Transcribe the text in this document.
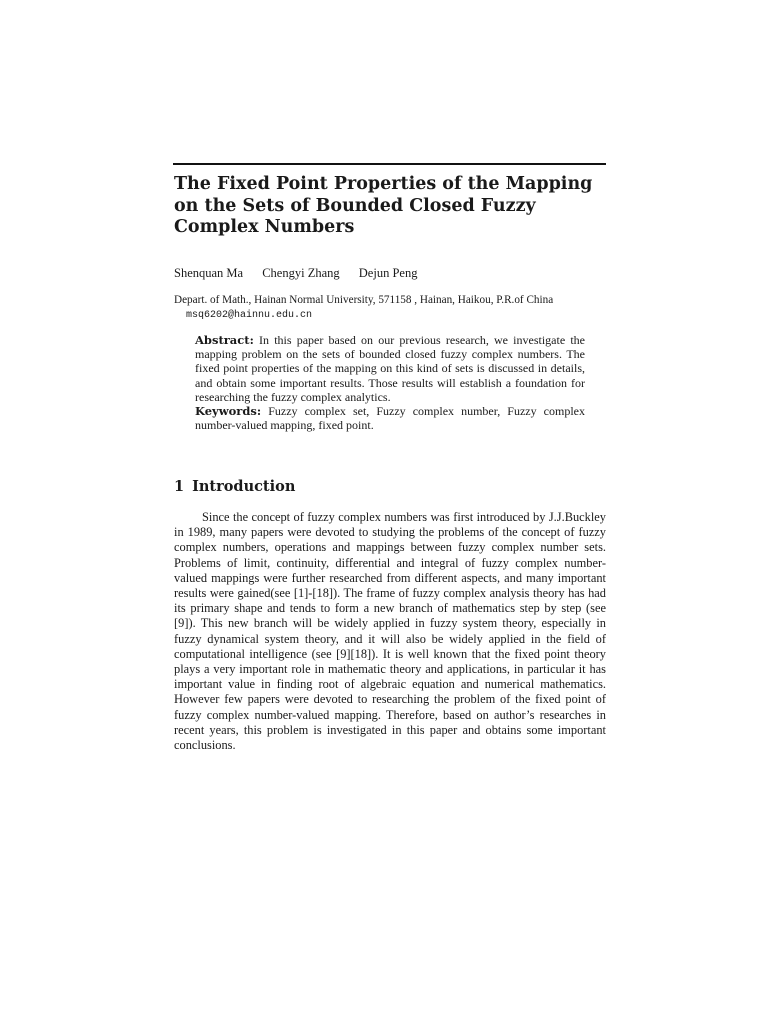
The Fixed Point Properties of the Mapping on the Sets of Bounded Closed Fuzzy Complex Numbers
Shenquan Ma Chengyi Zhang Dejun Peng
Depart. of Math., Hainan Normal University, 571158 , Hainan, Haikou, P.R.of China msq6202@hainnu.edu.cn

Abstract: In this paper based on our previous research, we investigate the mapping problem on the sets of bounded closed fuzzy complex numbers. The fixed point properties of the mapping on this kind of sets is discussed in details, and obtain some important results. Those results will establish a foundation for researching the fuzzy complex analytics.

Keywords: Fuzzy complex set, Fuzzy complex number, Fuzzy complex number-valued mapping, fixed point.

1 Introduction

Since the concept of fuzzy complex numbers was first introduced by J.J.Buckley in 1989, many papers were devoted to studying the problems of the concept of fuzzy complex numbers, operations and mappings between fuzzy complex number sets. Problems of limit, continuity, differential and integral of fuzzy complex number-valued mappings were further researched from different aspects, and many important results were gained(see [1]-[18]). The frame of fuzzy complex analysis theory has had its primary shape and tends to form a new branch of mathematics step by step (see [9]). This new branch will be widely applied in fuzzy system theory, especially in fuzzy dynamical system theory, and it will also be widely applied in the field of computational intelligence (see [9][18]). It is well known that the fixed point theory plays a very important role in mathematic theory and applications, in particular it has important value in finding root of algebraic equation and numerical mathematics. However few papers were devoted to researching the problem of the fixed point of fuzzy complex number-valued mapping. Therefore, based on author’s researches in recent years, this problem is investigated in this paper and obtains some important conclusions.
